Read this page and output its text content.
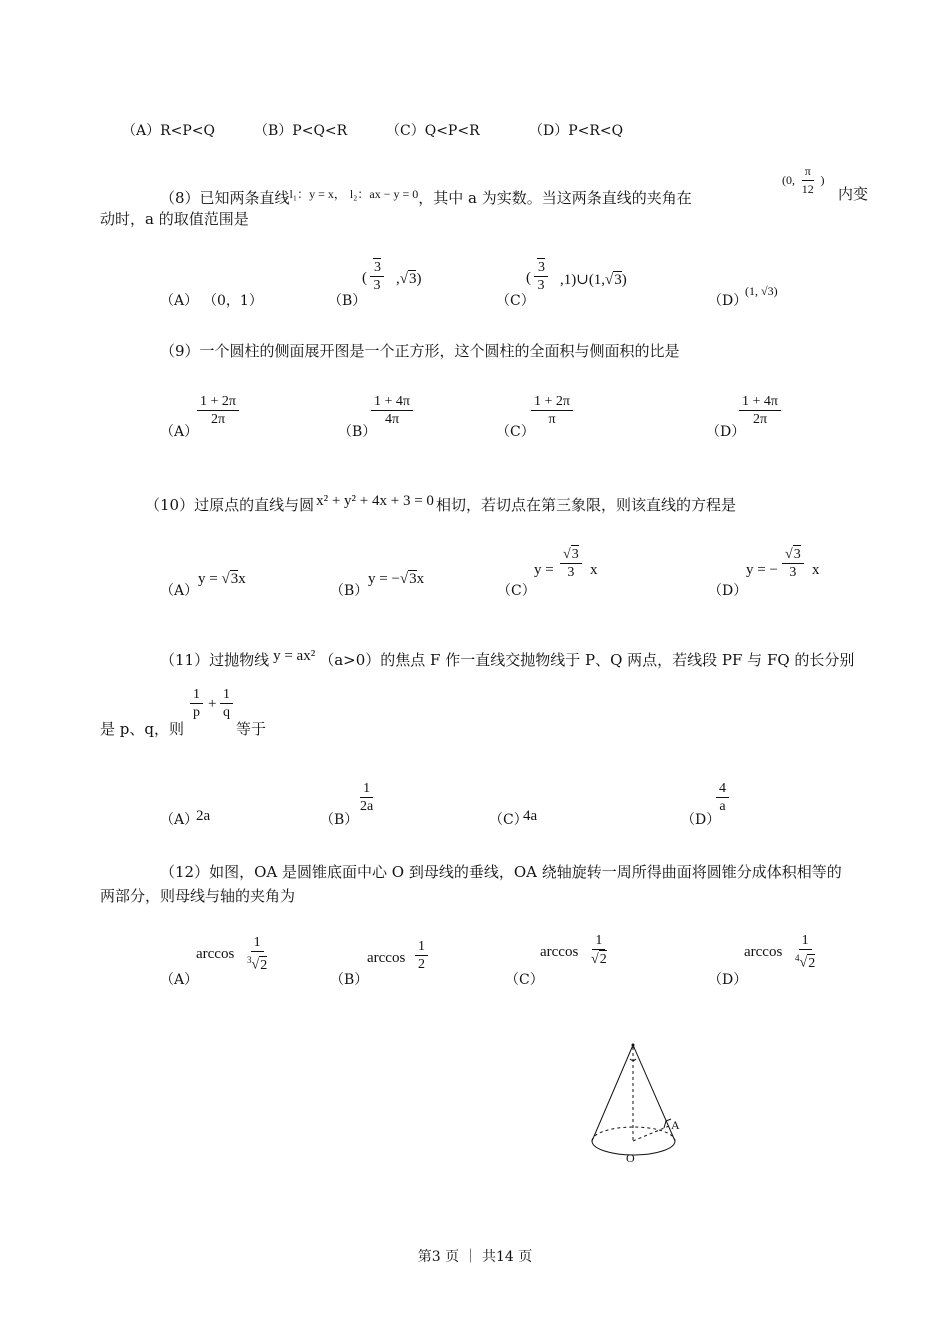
（A）R<P<Q	（B）P<Q<R	（C）Q<P<R	（D）P<R<Q
（8）已知两条直线$^{l_1:y = x,}$ $^{l_2:ax - y = 0}$，其中 a 为实数。当这两条直线的夹角在
(0, $\frac{\pi}{12}$ )
内变
动时，a 的取值范围是
（A） （0，1）	（B）
( $\frac{3}{3} ,√3$)
（C）
( $\frac{3}{3}$ ,1)∪(1,√3)
（D）
(1, √3)
（9）一个圆柱的侧面展开图是一个正方形，这个圆柱的全面积与侧面积的比是
（A）
$\frac{1 + 2\pi}{2\pi}$
（B）
$\frac{1 + 4\pi}{4\pi}$
（C）
$\frac{1 + 2\pi}{\pi}$
（D）
$\frac{1 + 4\pi}{2\pi}$
（10）过原点的直线与圆 x² + y² + 4x + 3 = 0 相切，若切点在第三象限，则该直线的方程是
（A）
y = √3x
（B）
y = −√3x
（C）
$y = \frac{√3}{3}$ x
（D）
y = − $\frac{√3}{3}$ x
（11）过抛物线 y = ax² （a>0）的焦点 F 作一直线交抛物线于 P、Q 两点，若线段 PF 与 FQ 的长分别
是 p、q，则
$\frac{1}{p} + \frac{1}{q}$
等于
（A）
2a	（B）
$\frac{1}{2a}$
（C）
4a	（D）
$\frac{4}{a}$
（12）如图，OA 是圆锥底面中心 O 到母线的垂线，OA 绕轴旋转一周所得曲面将圆锥分成体积相等的
两部分，则母线与轴的夹角为
（A）
$\arccos \frac{1}{^3√2}$
（B）
$\arccos \frac{1}{2}$
（C）
$\arccos \frac{1}{√2}$
（D）
$\arccos \frac{1}{^4√2}$
O
A
第3 页 ｜ 共14 页
